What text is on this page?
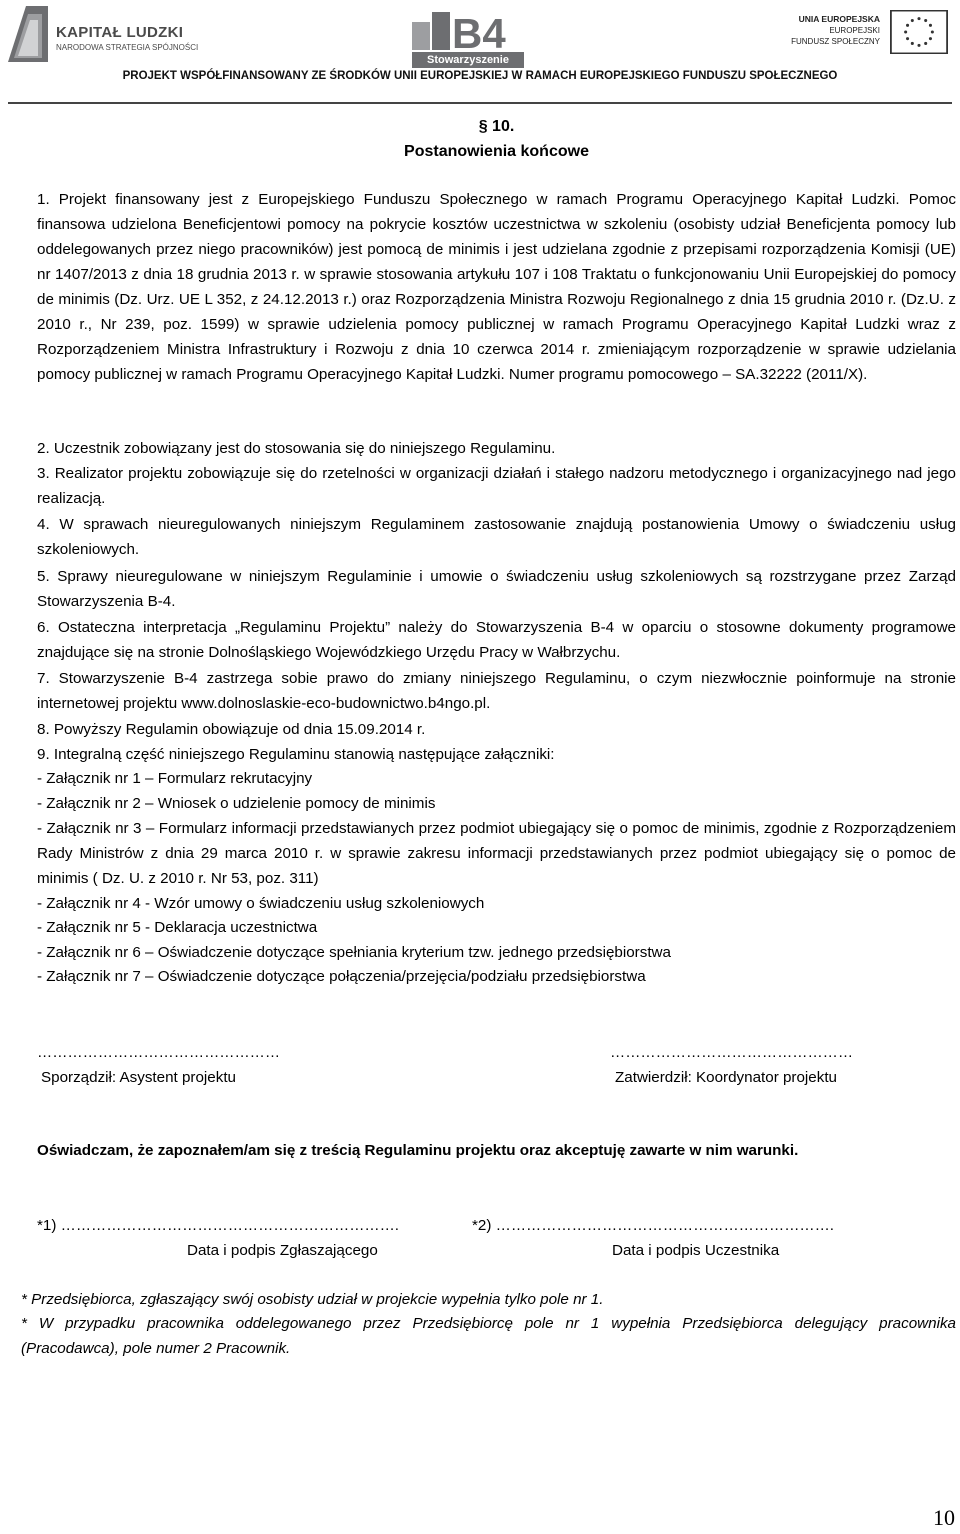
KAPITAŁ LUDZKI
NARODOWA STRATEGIA SPÓJNOŚCI	B4
Stowarzyszenie
UNIA EUROPEJSKA
EUROPEJSKI
FUNDUSZ SPOŁECZNY
PROJEKT WSPÓŁFINANSOWANY ZE ŚRODKÓW UNII EUROPEJSKIEJ W RAMACH EUROPEJSKIEGO FUNDUSZU SPOŁECZNEGO
§ 10.
Postanowienia końcowe
1. Projekt finansowany jest z Europejskiego Funduszu Społecznego w ramach Programu Operacyjnego Kapitał Ludzki. Pomoc finansowa udzielona Beneficjentowi pomocy na pokrycie kosztów uczestnictwa w szkoleniu (osobisty udział Beneficjenta pomocy lub oddelegowanych przez niego pracowników) jest pomocą de minimis i jest udzielana zgodnie z przepisami rozporządzenia Komisji (UE) nr 1407/2013 z dnia 18 grudnia 2013 r. w sprawie stosowania artykułu 107 i 108 Traktatu o funkcjonowaniu Unii Europejskiej do pomocy de minimis (Dz. Urz. UE L 352, z 24.12.2013 r.) oraz Rozporządzenia Ministra Rozwoju Regionalnego z dnia 15 grudnia 2010 r. (Dz.U. z 2010 r., Nr 239, poz. 1599) w sprawie udzielenia pomocy publicznej w ramach Programu Operacyjnego Kapitał Ludzki wraz z Rozporządzeniem Ministra Infrastruktury i Rozwoju z dnia 10 czerwca 2014 r. zmieniającym rozporządzenie w sprawie udzielania pomocy publicznej w ramach Programu Operacyjnego Kapitał Ludzki. Numer programu pomocowego – SA.32222 (2011/X).
2. Uczestnik zobowiązany jest do stosowania się do niniejszego Regulaminu.
3. Realizator projektu zobowiązuje się do rzetelności w organizacji działań i stałego nadzoru metodycznego i organizacyjnego nad jego realizacją.
4. W sprawach nieuregulowanych niniejszym Regulaminem zastosowanie znajdują postanowienia Umowy o świadczeniu usług szkoleniowych.
5. Sprawy nieuregulowane w niniejszym Regulaminie i umowie o świadczeniu usług szkoleniowych są rozstrzygane przez Zarząd Stowarzyszenia B-4.
6. Ostateczna interpretacja „Regulaminu Projektu” należy do Stowarzyszenia B-4 w oparciu o stosowne dokumenty programowe znajdujące się na stronie Dolnośląskiego Wojewódzkiego Urzędu Pracy w Wałbrzychu.
7. Stowarzyszenie B-4 zastrzega sobie prawo do zmiany niniejszego Regulaminu, o czym niezwłocznie poinformuje na stronie internetowej projektu www.dolnoslaskie-eco-budownictwo.b4ngo.pl.
8. Powyższy Regulamin obowiązuje od dnia 15.09.2014 r.
9. Integralną część niniejszego Regulaminu stanowią następujące załączniki:
- Załącznik nr 1 – Formularz rekrutacyjny
- Załącznik nr 2 – Wniosek o udzielenie pomocy de minimis
- Załącznik nr 3 – Formularz informacji przedstawianych przez podmiot ubiegający się o pomoc de minimis, zgodnie z Rozporządzeniem Rady Ministrów z dnia 29 marca 2010 r. w sprawie zakresu informacji przedstawianych przez podmiot ubiegający się o pomoc de minimis ( Dz. U. z 2010 r. Nr 53, poz. 311)
- Załącznik nr 4 - Wzór umowy o świadczeniu usług szkoleniowych
- Załącznik nr 5 - Deklaracja uczestnictwa
- Załącznik nr 6 – Oświadczenie dotyczące spełniania kryterium tzw. jednego przedsiębiorstwa
- Załącznik nr 7 – Oświadczenie dotyczące połączenia/przejęcia/podziału przedsiębiorstwa
…………………………………………	…………………………………………
Sporządził: Asystent projektu	Zatwierdził: Koordynator projektu
Oświadczam, że zapoznałem/am się z treścią Regulaminu projektu oraz akceptuję zawarte w nim warunki.
*1) ………………………………………………………….	*2) ………………………………………………………….
Data i podpis Zgłaszającego	Data i podpis Uczestnika
* Przedsiębiorca, zgłaszający swój osobisty udział w projekcie wypełnia tylko pole nr 1.
* W przypadku pracownika oddelegowanego przez Przedsiębiorcę pole nr 1 wypełnia Przedsiębiorca delegujący pracownika (Pracodawca), pole numer 2 Pracownik.
10
